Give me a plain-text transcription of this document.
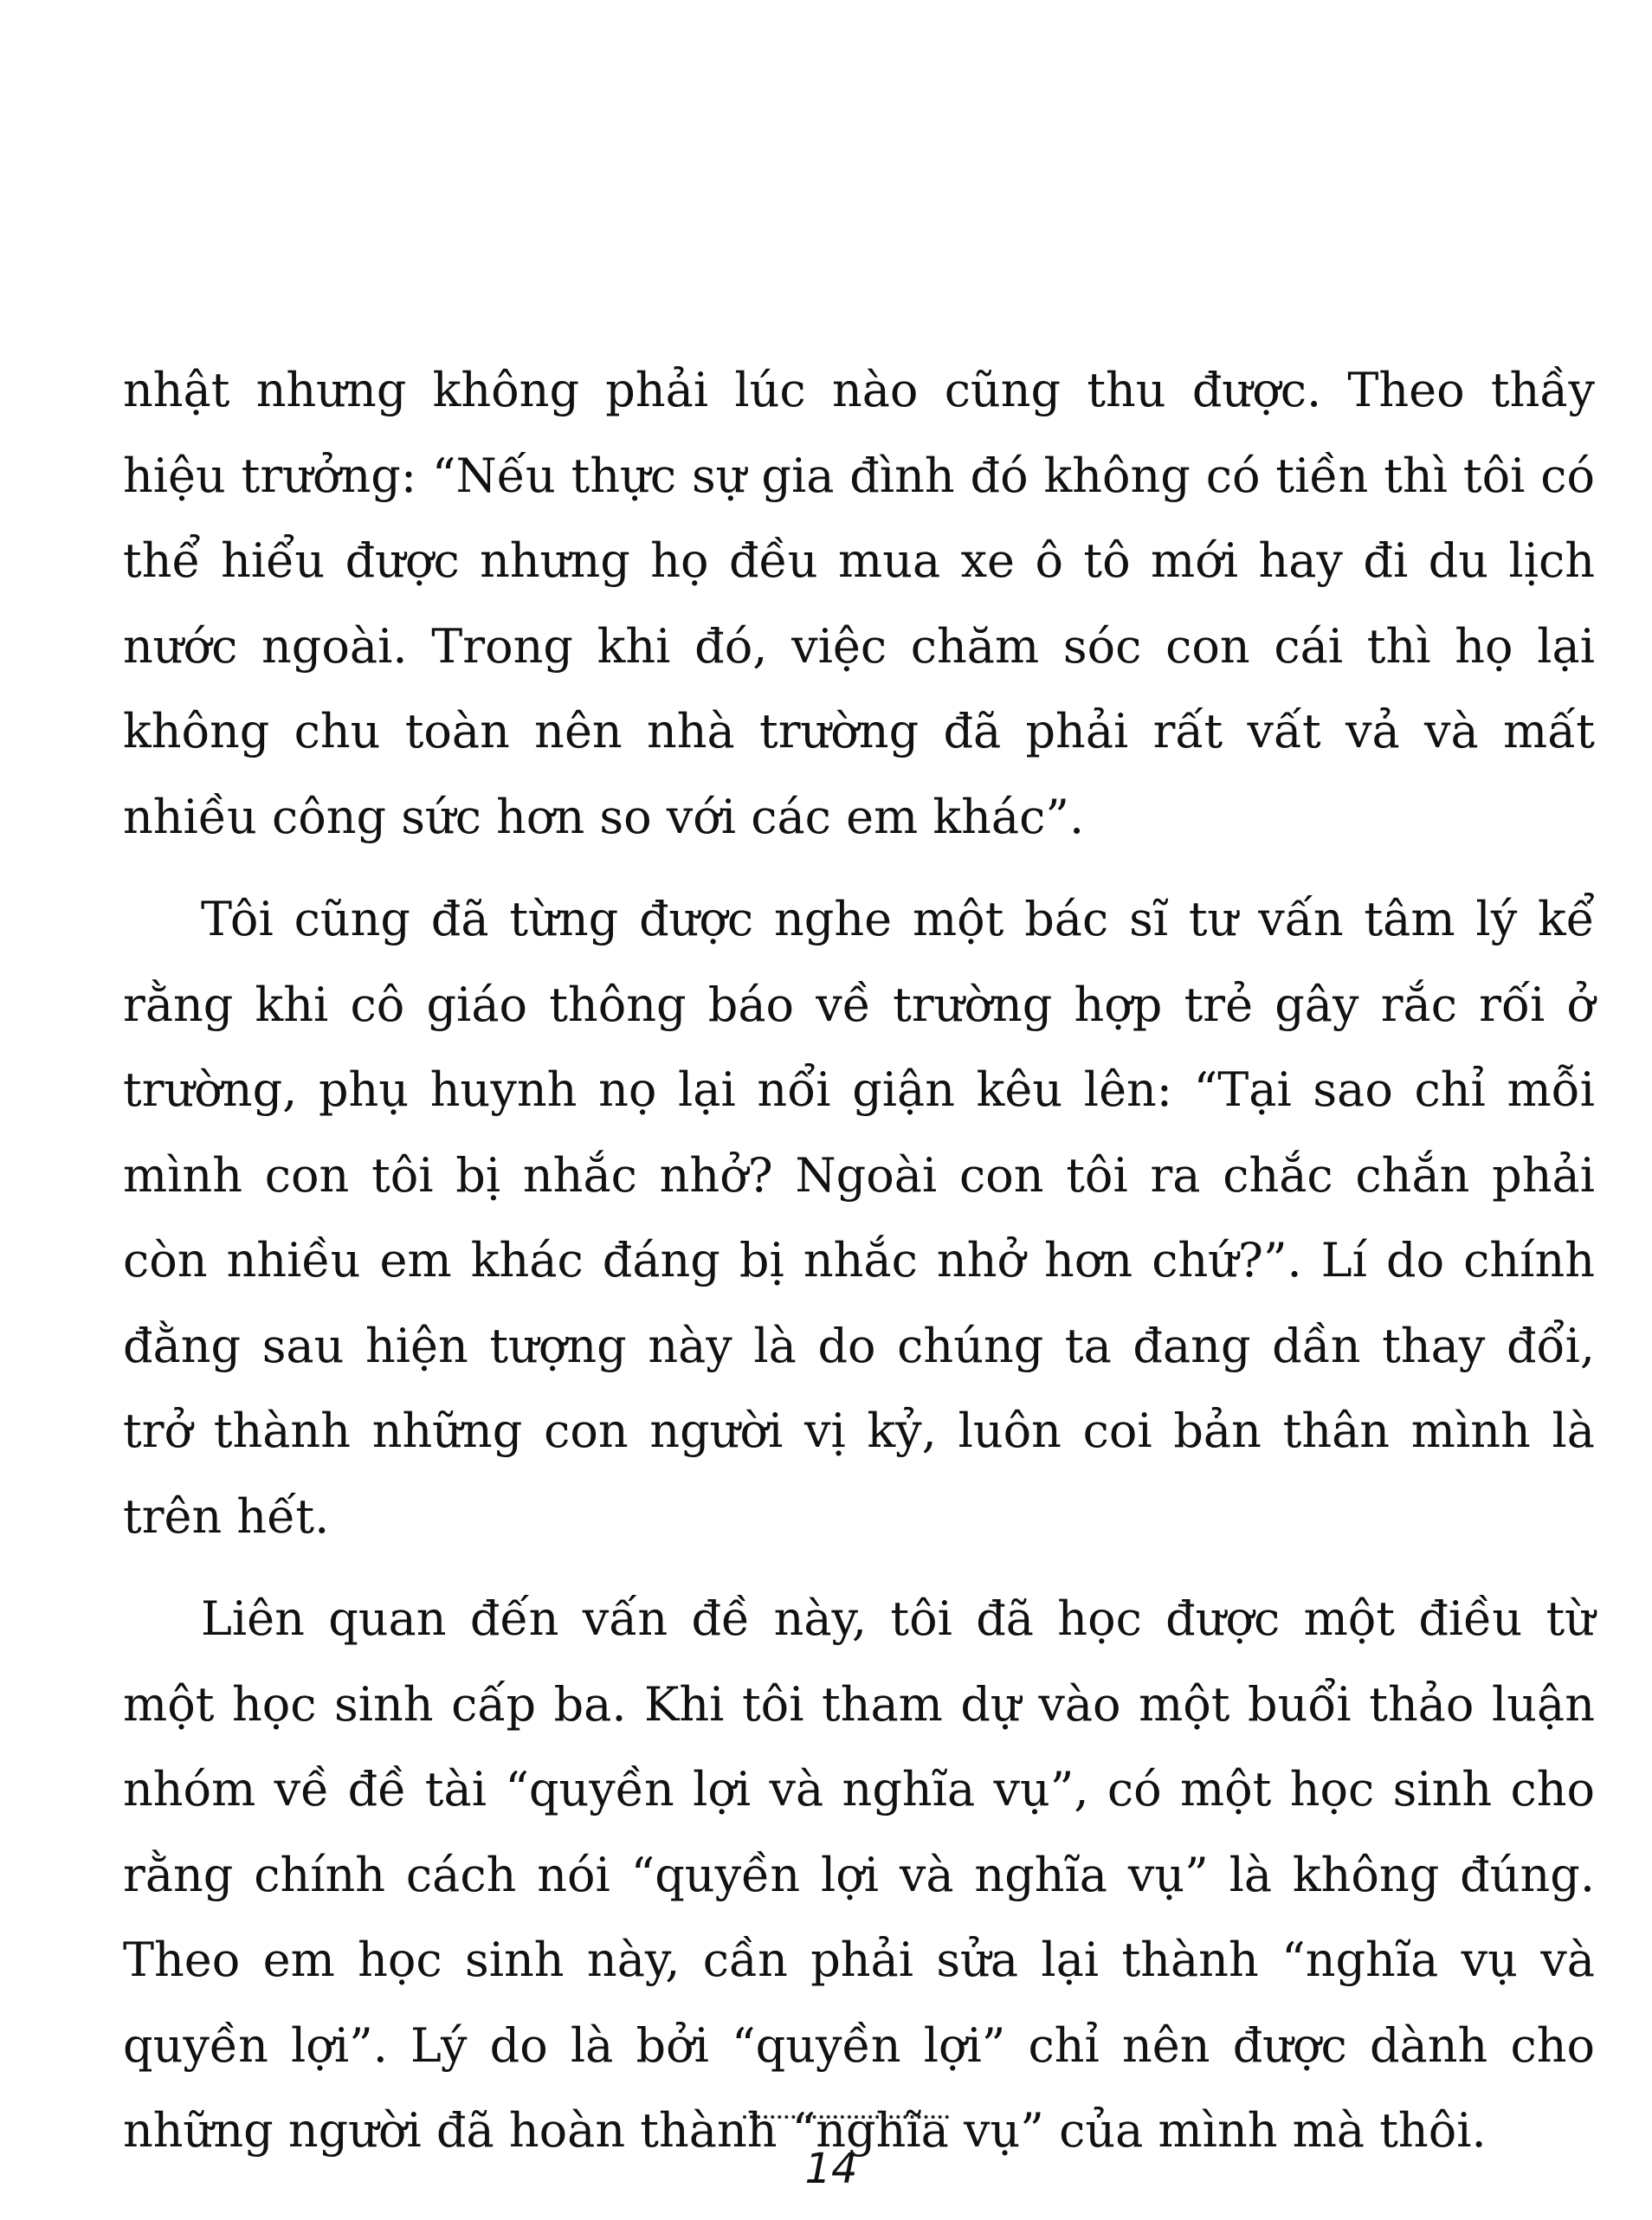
nhật nhưng không phải lúc nào cũng thu được. Theo thầy hiệu trưởng: “Nếu thực sự gia đình đó không có tiền thì tôi có thể hiểu được nhưng họ đều mua xe ô tô mới hay đi du lịch nước ngoài. Trong khi đó, việc chăm sóc con cái thì họ lại không chu toàn nên nhà trường đã phải rất vất vả và mất nhiều công sức hơn so với các em khác”.

Tôi cũng đã từng được nghe một bác sĩ tư vấn tâm lý kể rằng khi cô giáo thông báo về trường hợp trẻ gây rắc rối ở trường, phụ huynh nọ lại nổi giận kêu lên: “Tại sao chỉ mỗi mình con tôi bị nhắc nhở? Ngoài con tôi ra chắc chắn phải còn nhiều em khác đáng bị nhắc nhở hơn chứ?”. Lí do chính đằng sau hiện tượng này là do chúng ta đang dần thay đổi, trở thành những con người vị kỷ, luôn coi bản thân mình là trên hết.

Liên quan đến vấn đề này, tôi đã học được một điều từ một học sinh cấp ba. Khi tôi tham dự vào một buổi thảo luận nhóm về đề tài “quyền lợi và nghĩa vụ”, có một học sinh cho rằng chính cách nói “quyền lợi và nghĩa vụ” là không đúng. Theo em học sinh này, cần phải sửa lại thành “nghĩa vụ và quyền lợi”. Lý do là bởi “quyền lợi” chỉ nên được dành cho những người đã hoàn thành “nghĩa vụ” của mình mà thôi.

14
